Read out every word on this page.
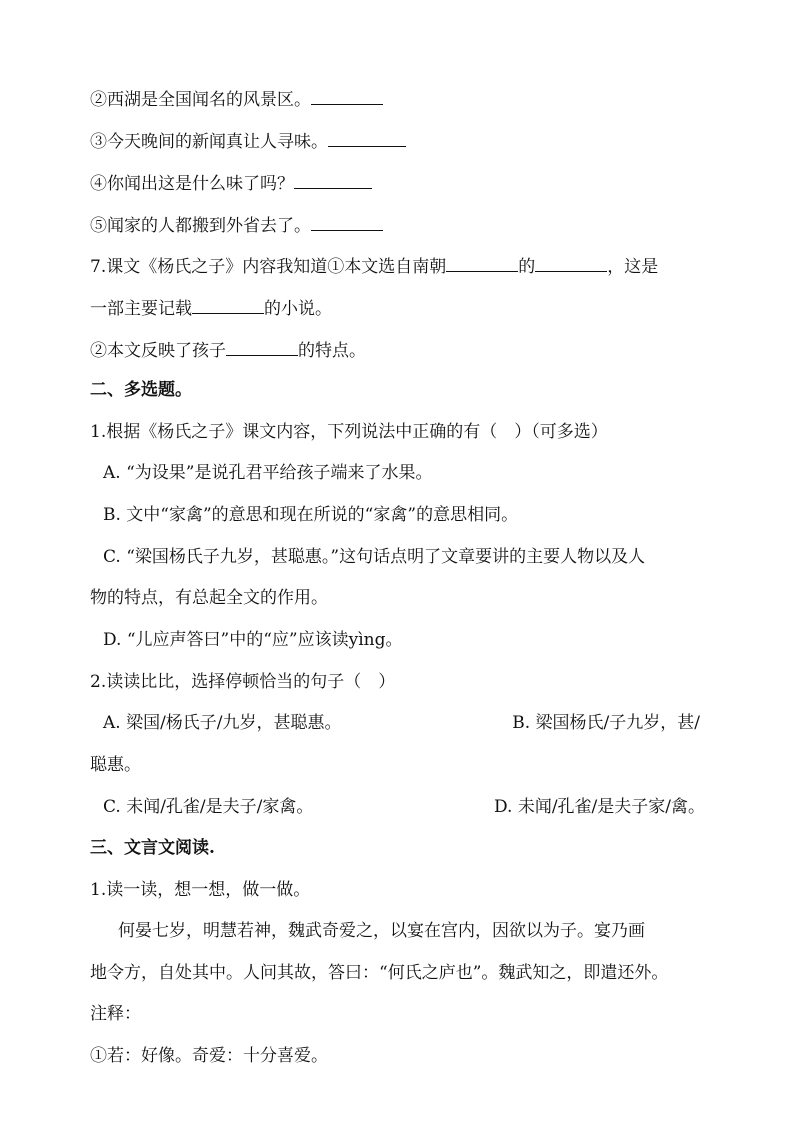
②西湖是全国闻名的风景区。
③今天晚间的新闻真让人寻味。
④你闻出这是什么味了吗？
⑤闻家的人都搬到外省去了。
7.课文《杨氏之子》内容我知道①本文选自南朝	的	，这是
一部主要记载	的小说。
②本文反映了孩子	的特点。
二、多选题。
1.根据《杨氏之子》课文内容，下列说法中正确的有（　）（可多选）
A. “为设果”是说孔君平给孩子端来了水果。
B. 文中“家禽”的意思和现在所说的“家禽”的意思相同。
C. “梁国杨氏子九岁，甚聪惠。”这句话点明了文章要讲的主要人物以及人
物的特点，有总起全文的作用。
D. “儿应声答曰”中的“应”应该读yìng。
2.读读比比，选择停顿恰当的句子（　）
A. 梁国/杨氏子/九岁，甚聪惠。	B. 梁国杨氏/子九岁，甚/
聪惠。
C. 未闻/孔雀/是夫子/家禽。	D. 未闻/孔雀/是夫子家/禽。
三、文言文阅读.
1.读一读，想一想，做一做。
何晏七岁，明慧若神，魏武奇爱之，以宴在宫内，因欲以为子。宴乃画
地令方，自处其中。人问其故，答曰：“何氏之庐也”。魏武知之，即遣还外。
注释：
①若：好像。奇爱：十分喜爱。
